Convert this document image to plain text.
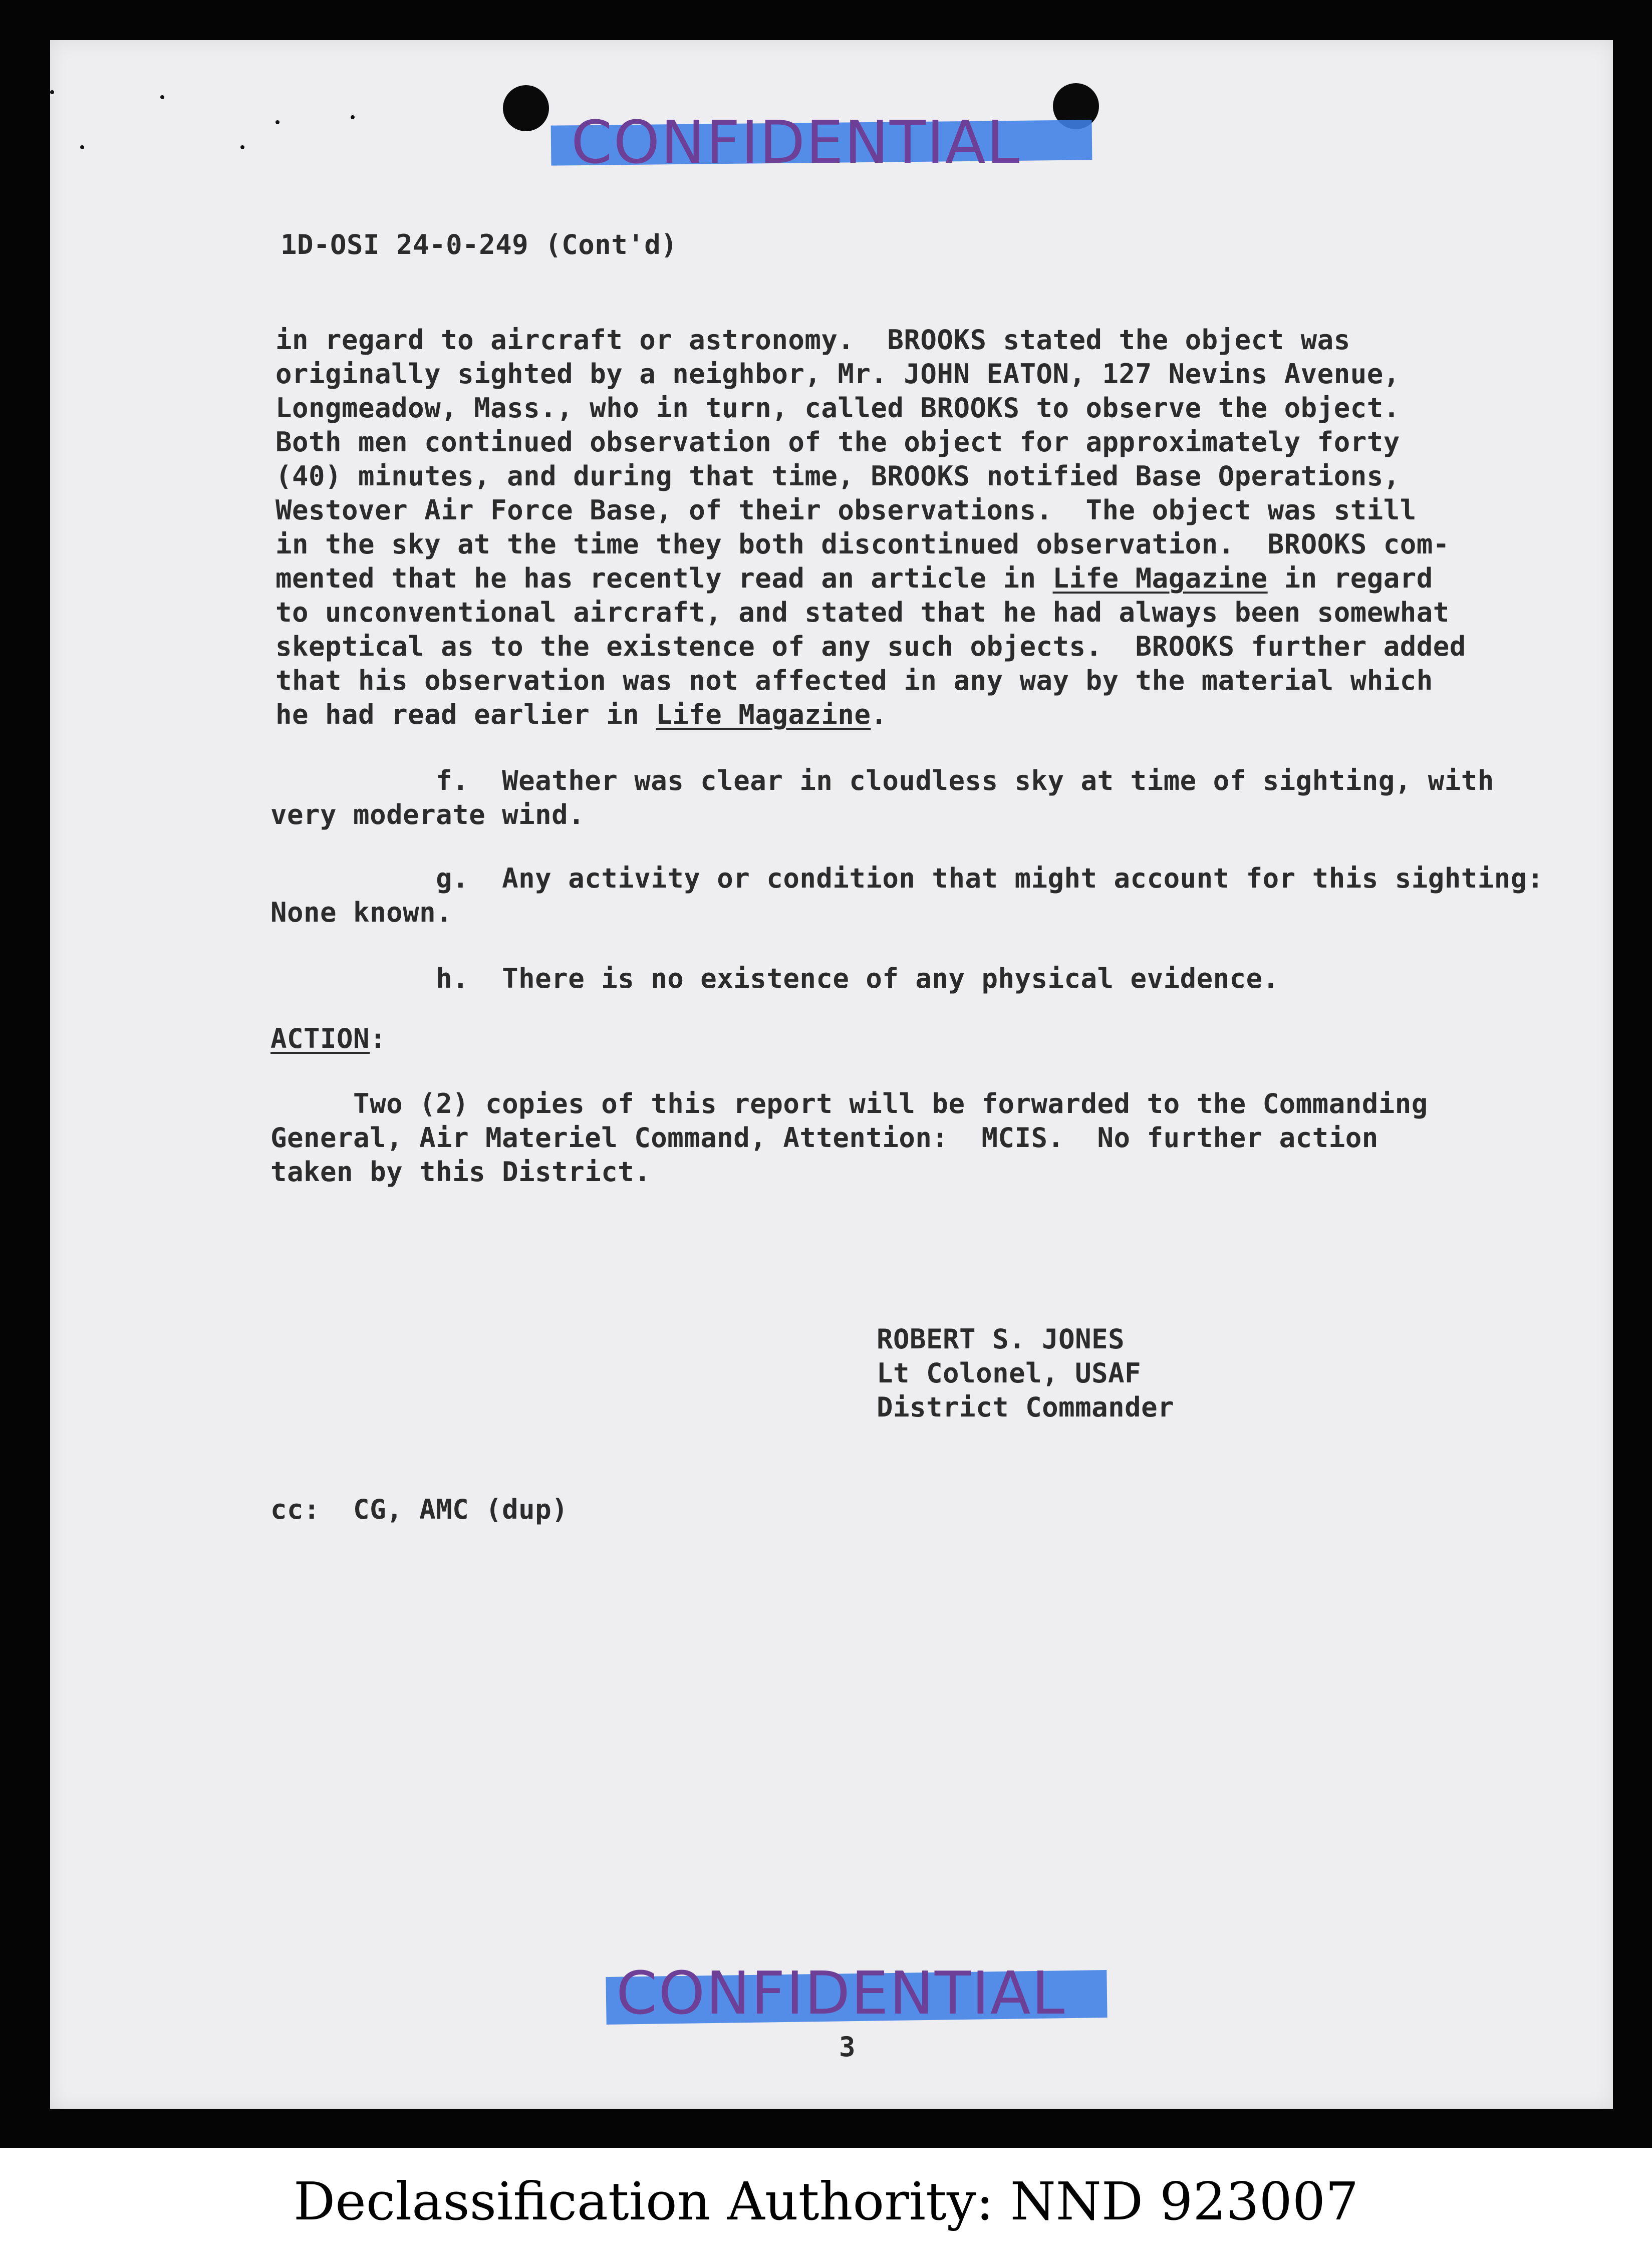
CONFIDENTIAL
1D-OSI 24-0-249 (Cont'd)
in regard to aircraft or astronomy.  BROOKS stated the object was
originally sighted by a neighbor, Mr. JOHN EATON, 127 Nevins Avenue,
Longmeadow, Mass., who in turn, called BROOKS to observe the object.
Both men continued observation of the object for approximately forty
(40) minutes, and during that time, BROOKS notified Base Operations,
Westover Air Force Base, of their observations.  The object was still
in the sky at the time they both discontinued observation.  BROOKS com-
mented that he has recently read an article in Life Magazine in regard
to unconventional aircraft, and stated that he had always been somewhat
skeptical as to the existence of any such objects.  BROOKS further added
that his observation was not affected in any way by the material which
he had read earlier in Life Magazine.
f.  Weather was clear in cloudless sky at time of sighting, with
very moderate wind.
g.  Any activity or condition that might account for this sighting:
None known.
h.  There is no existence of any physical evidence.
ACTION:
Two (2) copies of this report will be forwarded to the Commanding
General, Air Materiel Command, Attention:  MCIS.  No further action
taken by this District.
ROBERT S. JONES
Lt Colonel, USAF
District Commander
cc:  CG, AMC (dup)
CONFIDENTIAL
3
Declassification Authority: NND 923007
